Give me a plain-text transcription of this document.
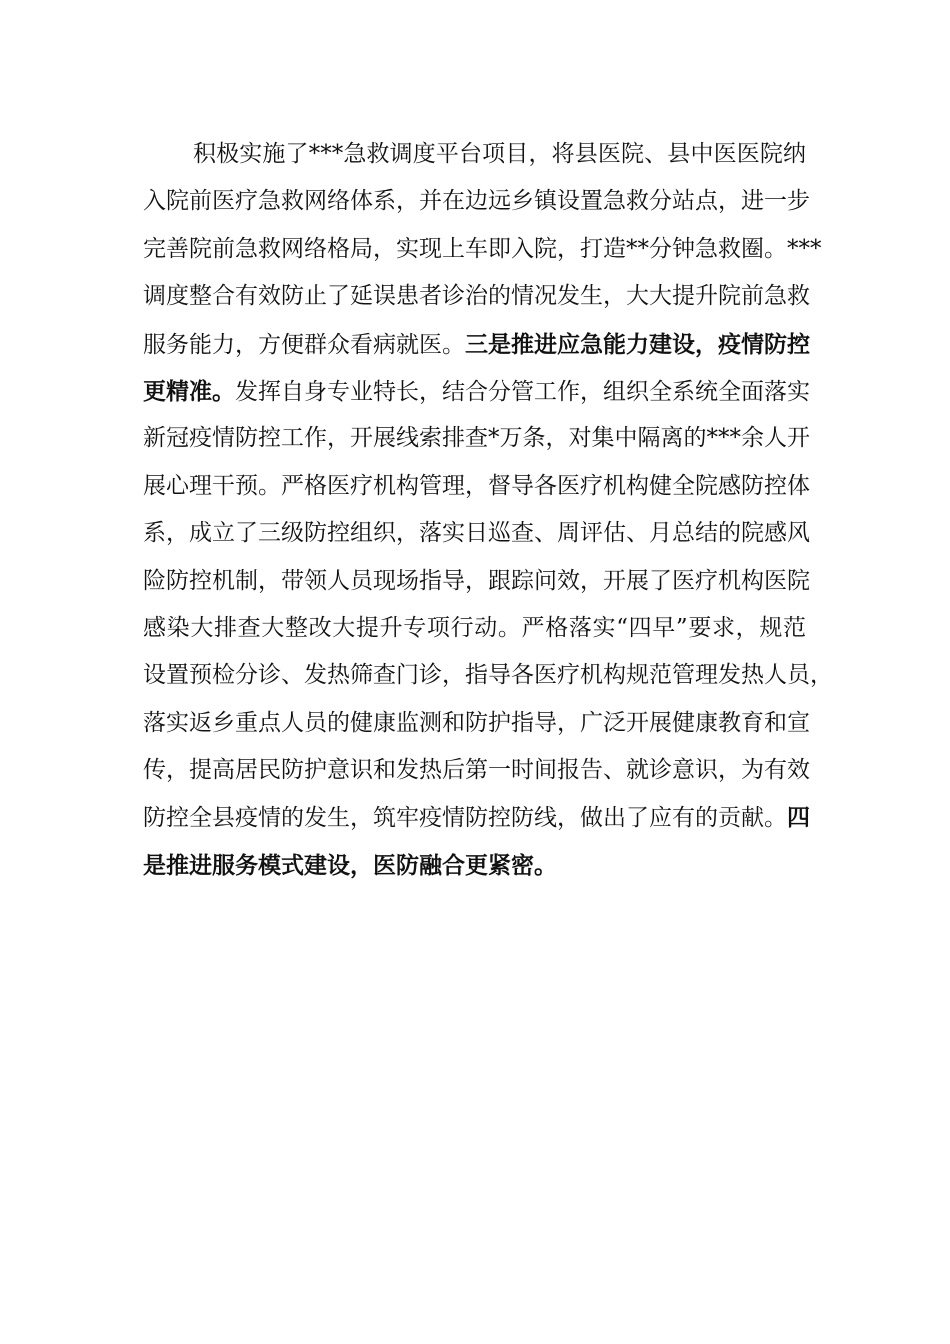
积极实施了***急救调度平台项目，将县医院、县中医医院纳
入院前医疗急救网络体系，并在边远乡镇设置急救分站点，进一步
完善院前急救网络格局，实现上车即入院，打造**分钟急救圈。***
调度整合有效防止了延误患者诊治的情况发生，大大提升院前急救
服务能力，方便群众看病就医。三是推进应急能力建设，疫情防控
更精准。发挥自身专业特长，结合分管工作，组织全系统全面落实
新冠疫情防控工作，开展线索排查*万条，对集中隔离的***余人开
展心理干预。严格医疗机构管理，督导各医疗机构健全院感防控体
系，成立了三级防控组织，落实日巡查、周评估、月总结的院感风
险防控机制，带领人员现场指导，跟踪问效，开展了医疗机构医院
感染大排查大整改大提升专项行动。严格落实“四早”要求，规范
设置预检分诊、发热筛查门诊，指导各医疗机构规范管理发热人员，
落实返乡重点人员的健康监测和防护指导，广泛开展健康教育和宣
传，提高居民防护意识和发热后第一时间报告、就诊意识，为有效
防控全县疫情的发生，筑牢疫情防控防线，做出了应有的贡献。四
是推进服务模式建设，医防融合更紧密。
